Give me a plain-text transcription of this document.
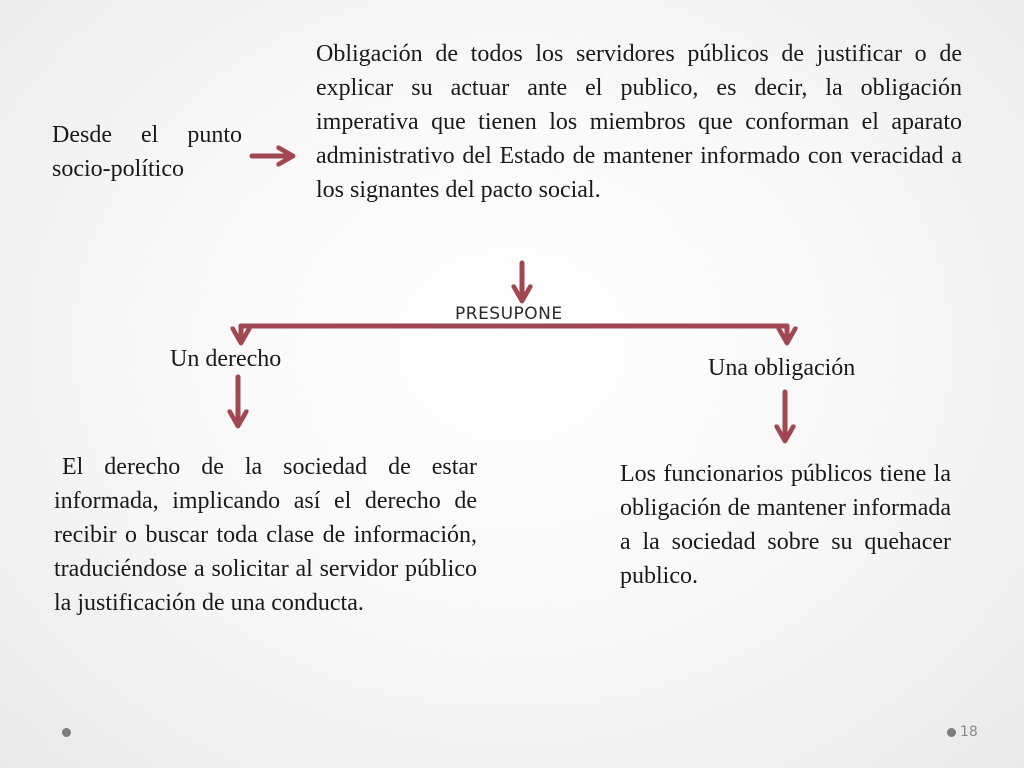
Desde el punto socio-político
Obligación de todos los servidores públicos de justificar o de explicar su actuar ante el publico, es decir, la obligación imperativa que tienen los miembros que conforman el aparato administrativo del Estado de mantener informado con veracidad a los signantes del pacto social.
PRESUPONE
Un derecho	Una obligación
El derecho de la sociedad de estar informada, implicando así el derecho de recibir o buscar toda clase de información, traduciéndose a solicitar al servidor público la justificación de una conducta.
Los funcionarios públicos tiene la obligación de mantener informada a la sociedad sobre su quehacer publico.
18
